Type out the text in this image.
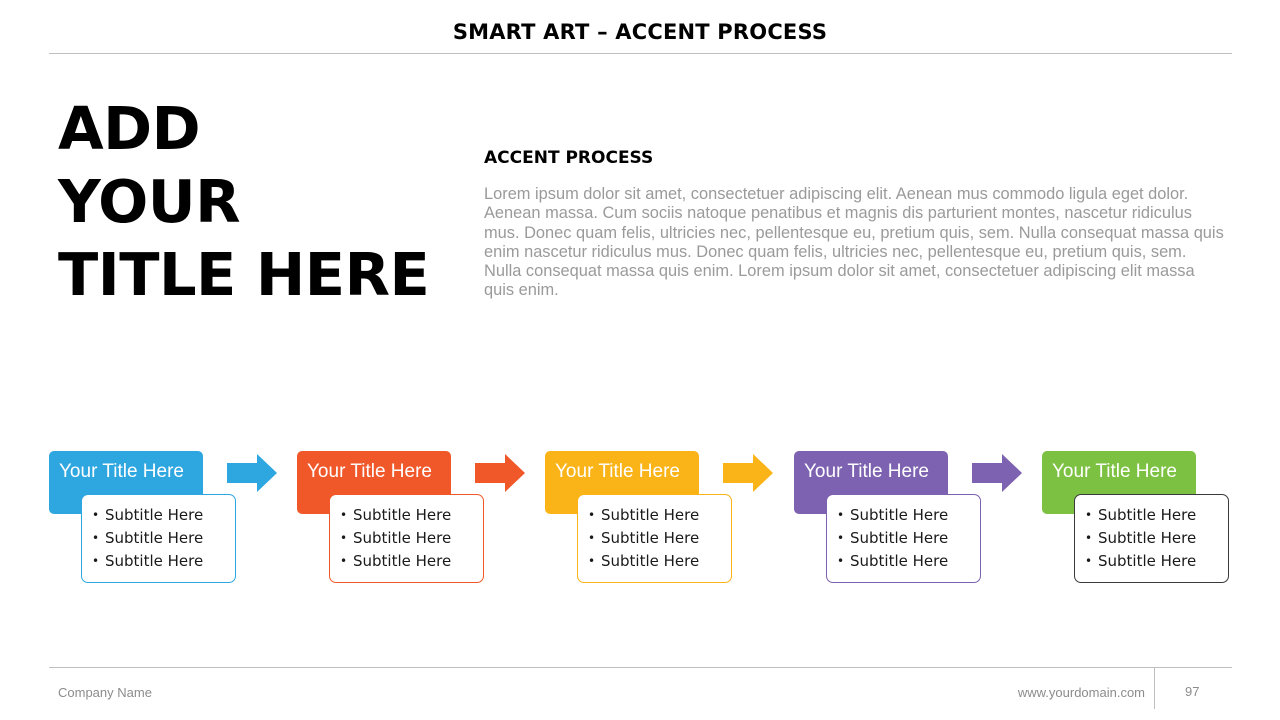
SMART ART – ACCENT PROCESS
ADD
YOUR
TITLE HERE
ACCENT PROCESS
Lorem ipsum dolor sit amet, consectetuer adipiscing elit. Aenean mus commodo ligula eget dolor. Aenean massa. Cum sociis natoque penatibus et magnis dis parturient montes, nascetur ridiculus mus. Donec quam felis, ultricies nec, pellentesque eu, pretium quis, sem. Nulla consequat massa quis enim nascetur ridiculus mus. Donec quam felis, ultricies nec, pellentesque eu, pretium quis, sem. Nulla consequat massa quis enim. Lorem ipsum dolor sit amet, consectetuer adipiscing elit massa quis enim.
Your Title Here
• Subtitle Here
• Subtitle Here
• Subtitle Here
Your Title Here
• Subtitle Here
• Subtitle Here
• Subtitle Here
Your Title Here
• Subtitle Here
• Subtitle Here
• Subtitle Here
Your Title Here
• Subtitle Here
• Subtitle Here
• Subtitle Here
Your Title Here
• Subtitle Here
• Subtitle Here
• Subtitle Here
Company Name	www.yourdomain.com	97
